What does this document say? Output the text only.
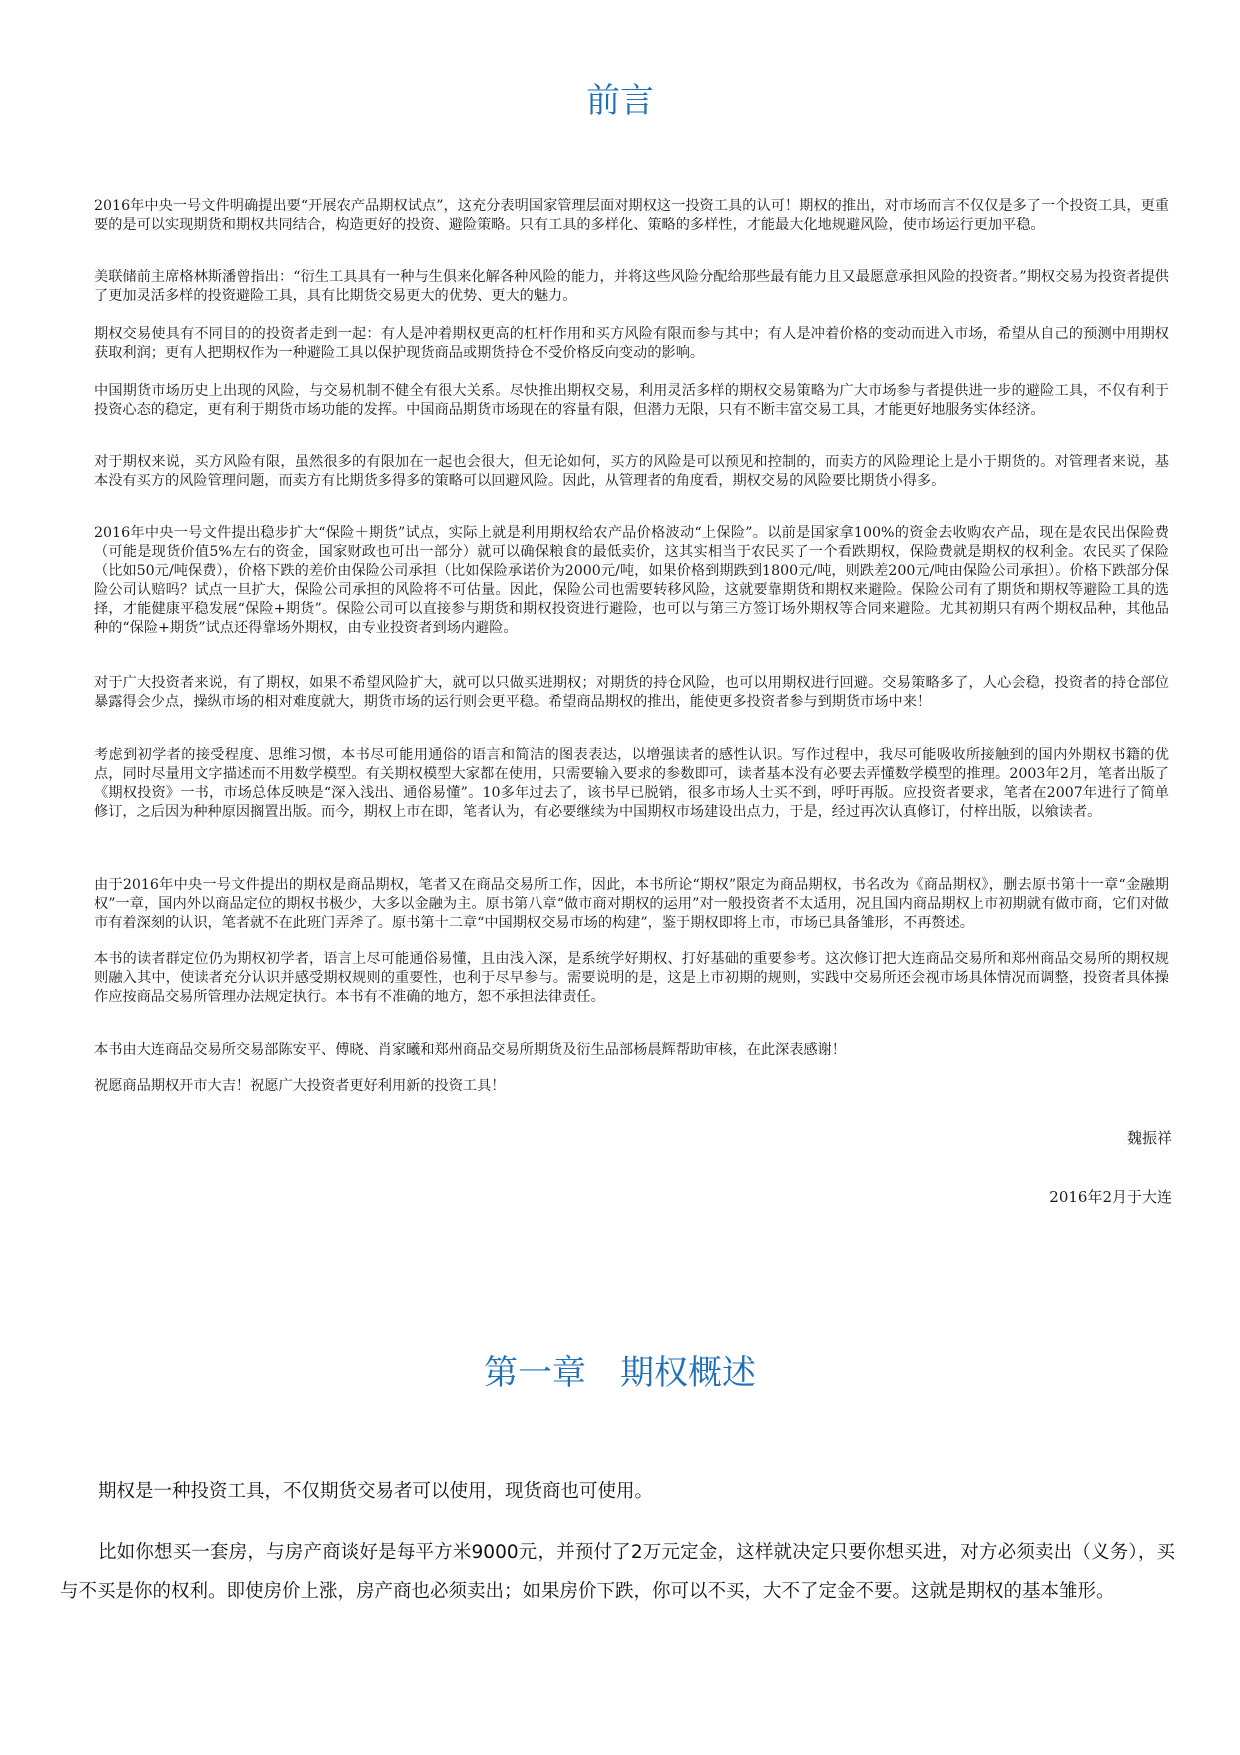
前言

2016年中央一号文件明确提出要“开展农产品期权试点”，这充分表明国家管理层面对期权这一投资工具的认可！期权的推出，对市场而言不仅仅是多了一个投资工具，更重要的是可以实现期货和期权共同结合，构造更好的投资、避险策略。只有工具的多样化、策略的多样性，才能最大化地规避风险，使市场运行更加平稳。

美联储前主席格林斯潘曾指出：“衍生工具具有一种与生俱来化解各种风险的能力，并将这些风险分配给那些最有能力且又最愿意承担风险的投资者。”期权交易为投资者提供了更加灵活多样的投资避险工具，具有比期货交易更大的优势、更大的魅力。

期权交易使具有不同目的的投资者走到一起：有人是冲着期权更高的杠杆作用和买方风险有限而参与其中；有人是冲着价格的变动而进入市场，希望从自己的预测中用期权获取利润；更有人把期权作为一种避险工具以保护现货商品或期货持仓不受价格反向变动的影响。

中国期货市场历史上出现的风险，与交易机制不健全有很大关系。尽快推出期权交易，利用灵活多样的期权交易策略为广大市场参与者提供进一步的避险工具，不仅有利于投资心态的稳定，更有利于期货市场功能的发挥。中国商品期货市场现在的容量有限，但潜力无限，只有不断丰富交易工具，才能更好地服务实体经济。

对于期权来说，买方风险有限，虽然很多的有限加在一起也会很大，但无论如何，买方的风险是可以预见和控制的，而卖方的风险理论上是小于期货的。对管理者来说，基本没有买方的风险管理问题，而卖方有比期货多得多的策略可以回避风险。因此，从管理者的角度看，期权交易的风险要比期货小得多。

2016年中央一号文件提出稳步扩大“保险＋期货”试点，实际上就是利用期权给农产品价格波动“上保险”。以前是国家拿100%的资金去收购农产品，现在是农民出保险费（可能是现货价值5%左右的资金，国家财政也可出一部分）就可以确保粮食的最低卖价，这其实相当于农民买了一个看跌期权，保险费就是期权的权利金。农民买了保险（比如50元/吨保费），价格下跌的差价由保险公司承担（比如保险承诺价为2000元/吨，如果价格到期跌到1800元/吨，则跌差200元/吨由保险公司承担）。价格下跌部分保险公司认赔吗？试点一旦扩大，保险公司承担的风险将不可估量。因此，保险公司也需要转移风险，这就要靠期货和期权来避险。保险公司有了期货和期权等避险工具的选择，才能健康平稳发展“保险+期货”。保险公司可以直接参与期货和期权投资进行避险，也可以与第三方签订场外期权等合同来避险。尤其初期只有两个期权品种，其他品种的“保险+期货”试点还得靠场外期权，由专业投资者到场内避险。

对于广大投资者来说，有了期权，如果不希望风险扩大，就可以只做买进期权；对期货的持仓风险，也可以用期权进行回避。交易策略多了，人心会稳，投资者的持仓部位暴露得会少点，操纵市场的相对难度就大，期货市场的运行则会更平稳。希望商品期权的推出，能使更多投资者参与到期货市场中来！

考虑到初学者的接受程度、思维习惯，本书尽可能用通俗的语言和简洁的图表表达，以增强读者的感性认识。写作过程中，我尽可能吸收所接触到的国内外期权书籍的优点，同时尽量用文字描述而不用数学模型。有关期权模型大家都在使用，只需要输入要求的参数即可，读者基本没有必要去弄懂数学模型的推理。2003年2月，笔者出版了《期权投资》一书，市场总体反映是“深入浅出、通俗易懂”。10多年过去了，该书早已脱销，很多市场人士买不到，呼吁再版。应投资者要求，笔者在2007年进行了简单修订，之后因为种种原因搁置出版。而今，期权上市在即，笔者认为，有必要继续为中国期权市场建设出点力，于是，经过再次认真修订，付梓出版，以飨读者。

由于2016年中央一号文件提出的期权是商品期权，笔者又在商品交易所工作，因此，本书所论“期权”限定为商品期权，书名改为《商品期权》，删去原书第十一章“金融期权”一章，国内外以商品定位的期权书极少，大多以金融为主。原书第八章“做市商对期权的运用”对一般投资者不太适用，况且国内商品期权上市初期就有做市商，它们对做市有着深刻的认识，笔者就不在此班门弄斧了。原书第十二章“中国期权交易市场的构建”，鉴于期权即将上市，市场已具备雏形，不再赘述。

本书的读者群定位仍为期权初学者，语言上尽可能通俗易懂，且由浅入深，是系统学好期权、打好基础的重要参考。这次修订把大连商品交易所和郑州商品交易所的期权规则融入其中，使读者充分认识并感受期权规则的重要性，也利于尽早参与。需要说明的是，这是上市初期的规则，实践中交易所还会视市场具体情况而调整，投资者具体操作应按商品交易所管理办法规定执行。本书有不准确的地方，恕不承担法律责任。

本书由大连商品交易所交易部陈安平、傅晓、肖家曦和郑州商品交易所期货及衍生品部杨晨辉帮助审核，在此深表感谢！

祝愿商品期权开市大吉！祝愿广大投资者更好利用新的投资工具！

魏振祥

2016年2月于大连

第一章　期权概述

期权是一种投资工具，不仅期货交易者可以使用，现货商也可使用。

比如你想买一套房，与房产商谈好是每平方米9000元，并预付了2万元定金，这样就决定只要你想买进，对方必须卖出（义务），买与不买是你的权利。即使房价上涨，房产商也必须卖出；如果房价下跌，你可以不买，大不了定金不要。这就是期权的基本雏形。
